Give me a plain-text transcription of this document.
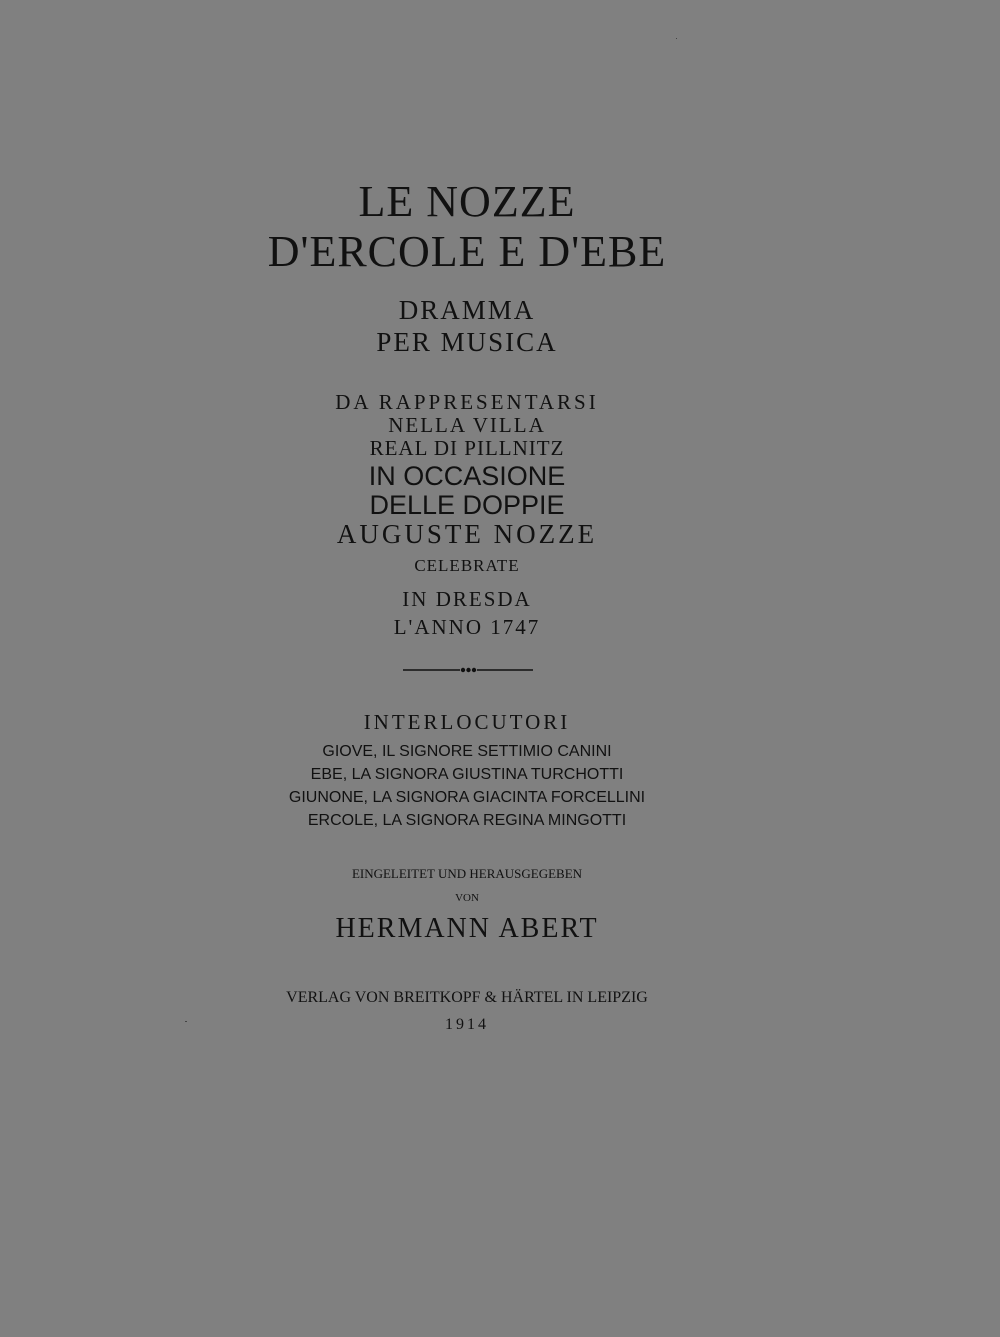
LE NOZZE
D'ERCOLE E D'EBE
DRAMMA
PER MUSICA
DA RAPPRESENTARSI
NELLA VILLA
REAL DI PILLNITZ
IN OCCASIONE
DELLE DOPPIE
AUGUSTE NOZZE
CELEBRATE
IN DRESDA
L'ANNO 1747
INTERLOCUTORI
GIOVE, IL SIGNORE SETTIMIO CANINI
EBE, LA SIGNORA GIUSTINA TURCHOTTI
GIUNONE, LA SIGNORA GIACINTA FORCELLINI
ERCOLE, LA SIGNORA REGINA MINGOTTI
EINGELEITET UND HERAUSGEGEBEN
VON
HERMANN ABERT
VERLAG VON BREITKOPF & HÄRTEL IN LEIPZIG
1914
